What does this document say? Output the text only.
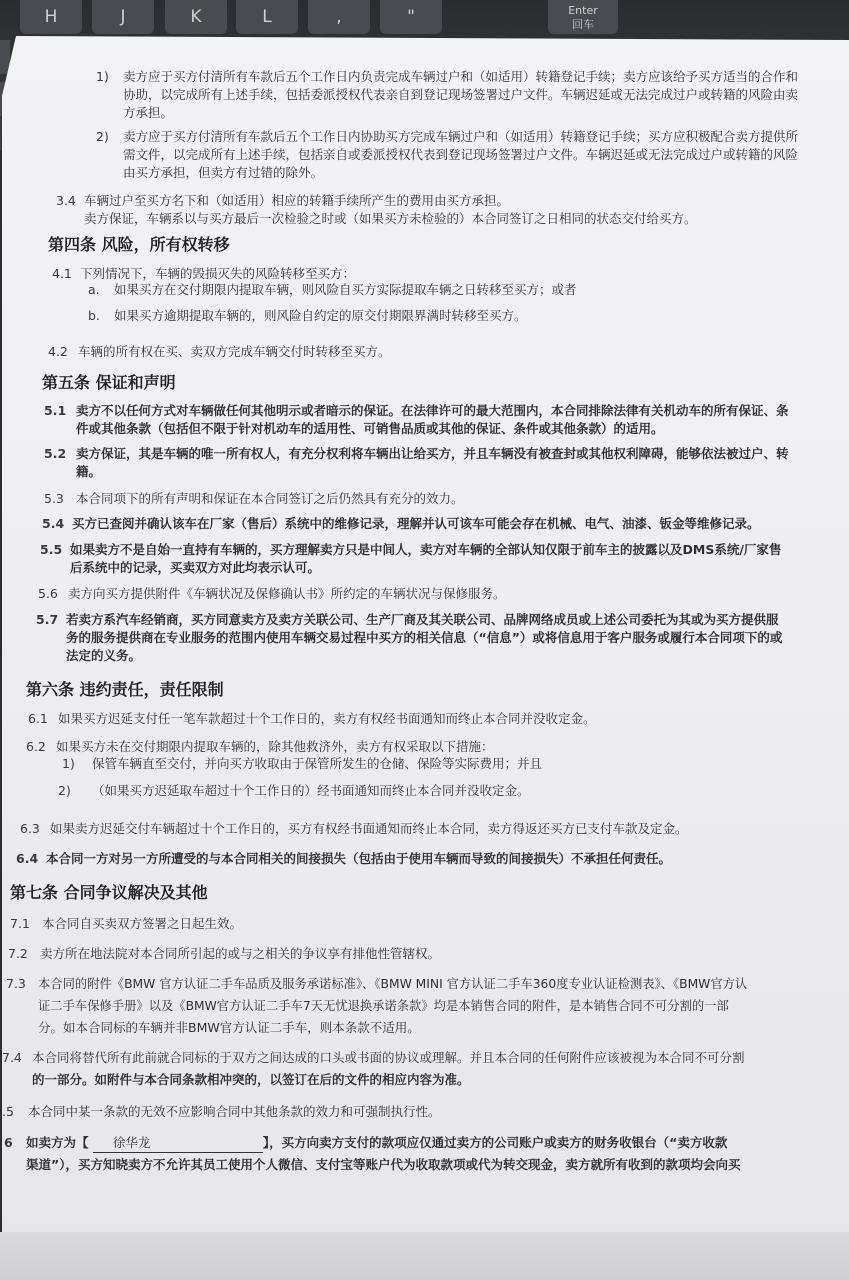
H	J	K	L	,	"	Enter
回车
1) 卖方应于买方付清所有车款后五个工作日内负责完成车辆过户和（如适用）转籍登记手续；卖方应该给予买方适当的合作和
协助，以完成所有上述手续，包括委派授权代表亲自到登记现场签署过户文件。车辆迟延或无法完成过户或转籍的风险由卖
方承担。
2) 卖方应于买方付清所有车款后五个工作日内协助买方完成车辆过户和（如适用）转籍登记手续；买方应积极配合卖方提供所
需文件，以完成所有上述手续，包括亲自或委派授权代表到登记现场签署过户文件。车辆迟延或无法完成过户或转籍的风险
由买方承担，但卖方有过错的除外。
3.4 车辆过户至买方名下和（如适用）相应的转籍手续所产生的费用由买方承担。
卖方保证，车辆系以与买方最后一次检验之时或（如果买方未检验的）本合同签订之日相同的状态交付给买方。
第四条 风险，所有权转移
4.1 下列情况下，车辆的毁损灭失的风险转移至买方：
a. 如果买方在交付期限内提取车辆，则风险自买方实际提取车辆之日转移至买方；或者
b. 如果买方逾期提取车辆的，则风险自约定的原交付期限界满时转移至买方。
4.2 车辆的所有权在买、卖双方完成车辆交付时转移至买方。
第五条 保证和声明
5.1 卖方不以任何方式对车辆做任何其他明示或者暗示的保证。在法律许可的最大范围内，本合同排除法律有关机动车的所有保证、条
件或其他条款（包括但不限于针对机动车的适用性、可销售品质或其他的保证、条件或其他条款）的适用。
5.2 卖方保证，其是车辆的唯一所有权人，有充分权利将车辆出让给买方，并且车辆没有被查封或其他权利障碍，能够依法被过户、转
籍。
5.3 本合同项下的所有声明和保证在本合同签订之后仍然具有充分的效力。
5.4 买方已查阅并确认该车在厂家（售后）系统中的维修记录，理解并认可该车可能会存在机械、电气、油漆、钣金等维修记录。
5.5 如果卖方不是自始一直持有车辆的，买方理解卖方只是中间人，卖方对车辆的全部认知仅限于前车主的披露以及DMS系统/厂家售
后系统中的记录，买卖双方对此均表示认可。
5.6 卖方向买方提供附件《车辆状况及保修确认书》所约定的车辆状况与保修服务。
5.7 若卖方系汽车经销商，买方同意卖方及卖方关联公司、生产厂商及其关联公司、品牌网络成员或上述公司委托为其或为买方提供服
务的服务提供商在专业服务的范围内使用车辆交易过程中买方的相关信息（“信息”）或将信息用于客户服务或履行本合同项下的或
法定的义务。
第六条 违约责任，责任限制
6.1 如果买方迟延支付任一笔车款超过十个工作日的，卖方有权经书面通知而终止本合同并没收定金。
6.2 如果买方未在交付期限内提取车辆的，除其他救济外，卖方有权采取以下措施：
1) 保管车辆直至交付，并向买方收取由于保管所发生的仓储、保险等实际费用；并且
2) （如果买方迟延取车超过十个工作日的）经书面通知而终止本合同并没收定金。
6.3 如果卖方迟延交付车辆超过十个工作日的，买方有权经书面通知而终止本合同，卖方得返还买方已支付车款及定金。
6.4 本合同一方对另一方所遭受的与本合同相关的间接损失（包括由于使用车辆而导致的间接损失）不承担任何责任。
第七条 合同争议解决及其他
7.1 本合同自买卖双方签署之日起生效。
7.2 卖方所在地法院对本合同所引起的或与之相关的争议享有排他性管辖权。
7.3 本合同的附件《BMW 官方认证二手车品质及服务承诺标准》、《BMW MINI 官方认证二手车360度专业认证检测表》、《BMW官方认
证二手车保修手册》以及《BMW官方认证二手车7天无忧退换承诺条款》均是本销售合同的附件，是本销售合同不可分割的一部
分。如本合同标的车辆并非BMW官方认证二手车，则本条款不适用。
7.4 本合同将替代所有此前就合同标的于双方之间达成的口头或书面的协议或理解。并且本合同的任何附件应该被视为本合同不可分割
的一部分。如附件与本合同条款相冲突的，以签订在后的文件的相应内容为准。
.5 本合同中某一条款的无效不应影响合同中其他条款的效力和可强制执行性。
6 如卖方为【 徐华龙	】，买方向卖方支付的款项应仅通过卖方的公司账户或卖方的财务收银台（“卖方收款
渠道”），买方知晓卖方不允许其员工使用个人微信、支付宝等账户代为收取款项或代为转交现金，卖方就所有收到的款项均会向买
